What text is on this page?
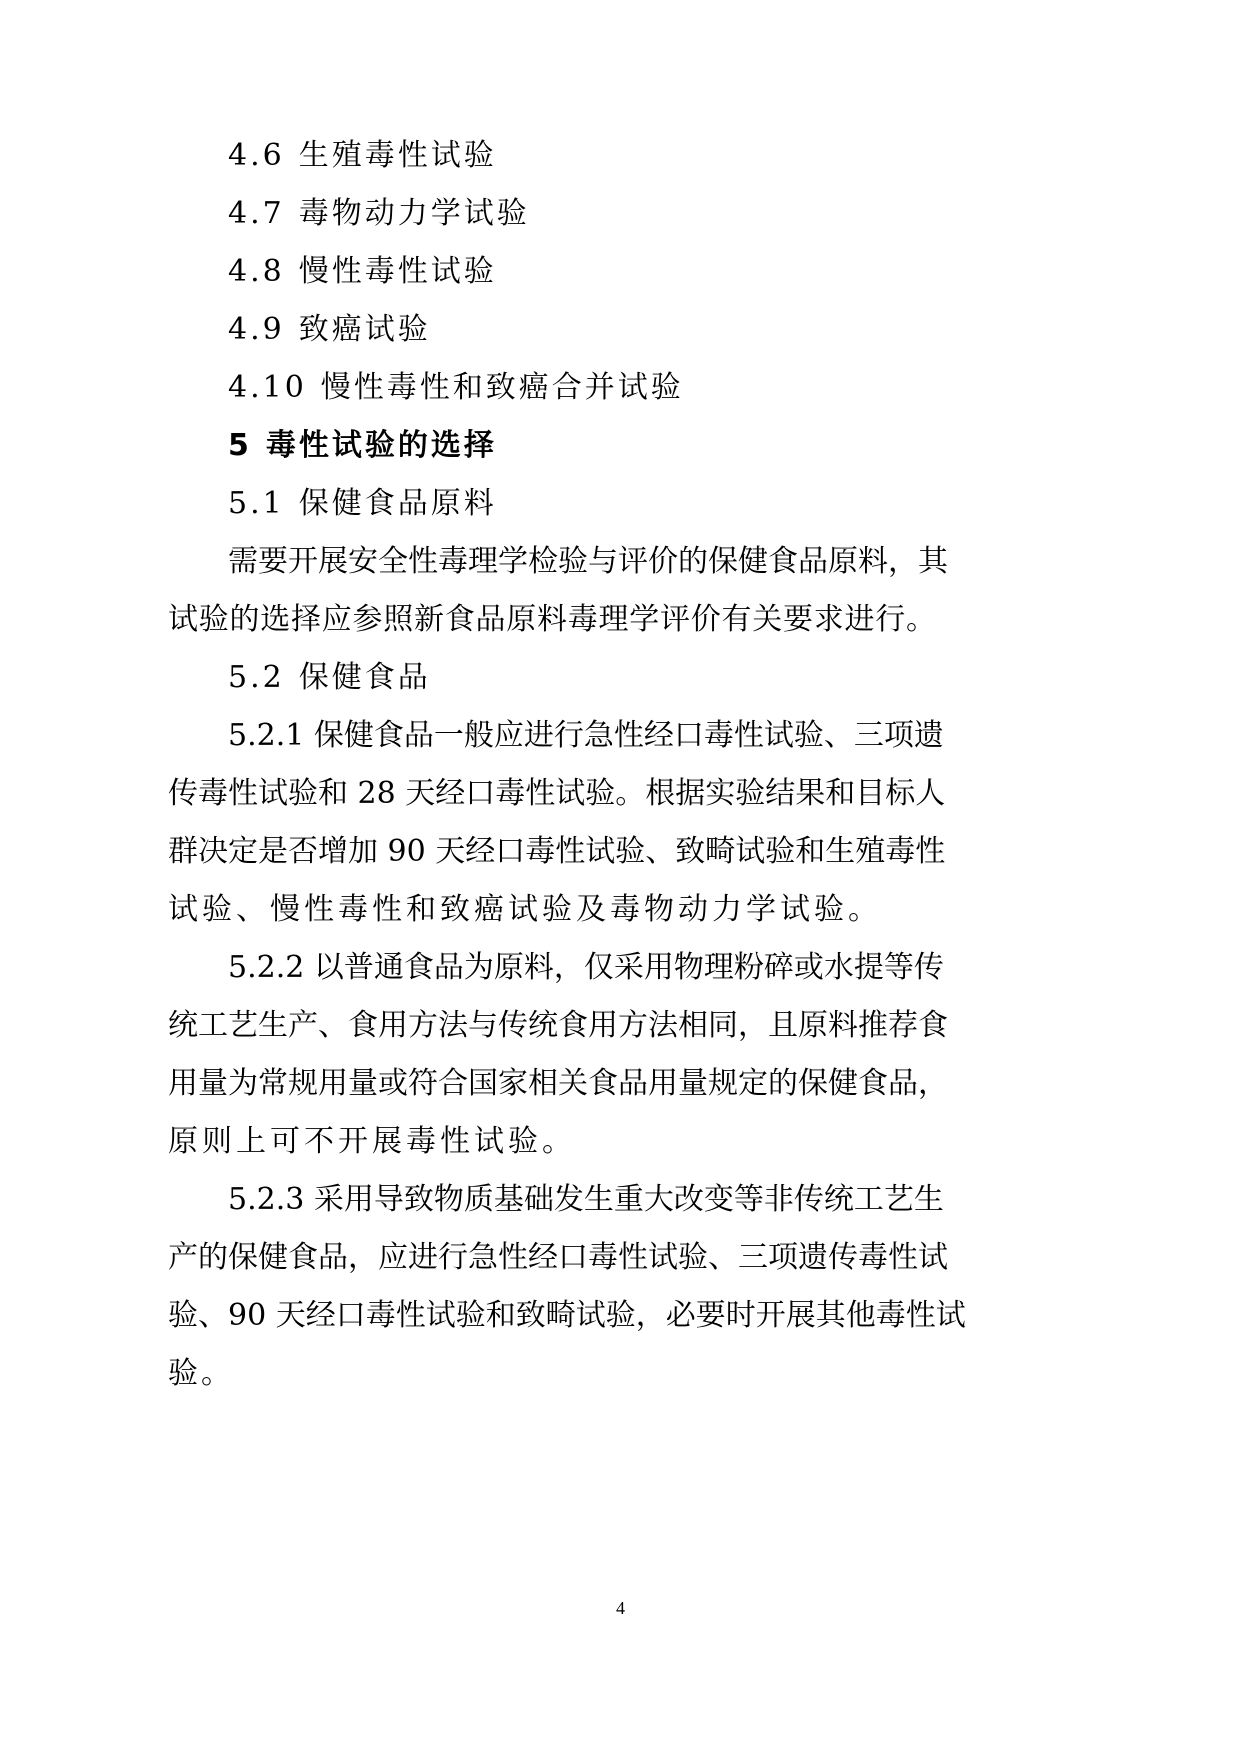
4.6 生殖毒性试验
4.7 毒物动力学试验
4.8 慢性毒性试验
4.9 致癌试验
4.10 慢性毒性和致癌合并试验
5 毒性试验的选择
5.1 保健食品原料
需要开展安全性毒理学检验与评价的保健食品原料，其
试验的选择应参照新食品原料毒理学评价有关要求进行。
5.2 保健食品
5.2.1 保健食品一般应进行急性经口毒性试验、三项遗
传毒性试验和 28 天经口毒性试验。根据实验结果和目标人
群决定是否增加 90 天经口毒性试验、致畸试验和生殖毒性
试验、慢性毒性和致癌试验及毒物动力学试验。
5.2.2 以普通食品为原料，仅采用物理粉碎或水提等传
统工艺生产、食用方法与传统食用方法相同，且原料推荐食
用量为常规用量或符合国家相关食品用量规定的保健食品，
原则上可不开展毒性试验。
5.2.3 采用导致物质基础发生重大改变等非传统工艺生
产的保健食品，应进行急性经口毒性试验、三项遗传毒性试
验、90 天经口毒性试验和致畸试验，必要时开展其他毒性试
验。
4
